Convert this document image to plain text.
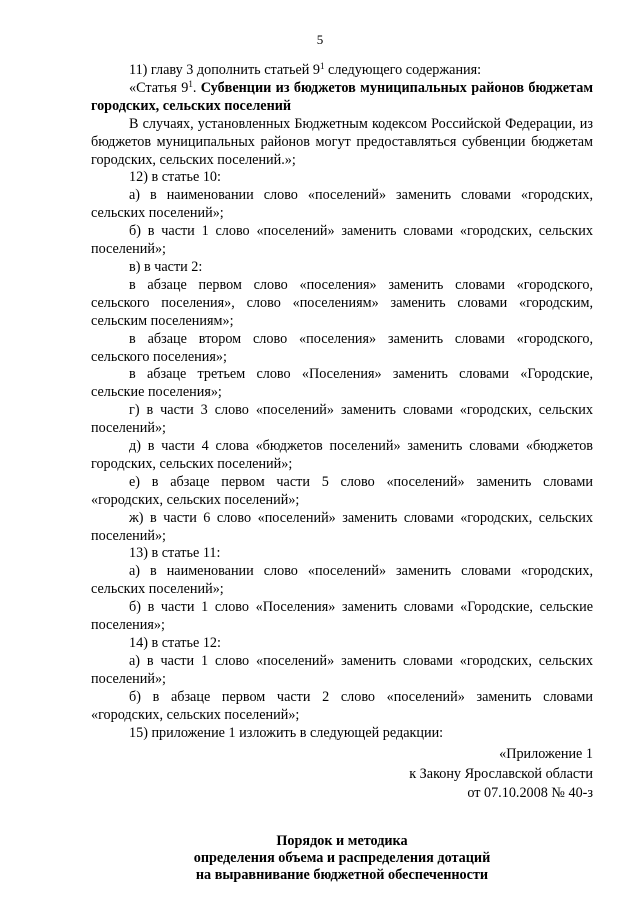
5

11) главу 3 дополнить статьей $9^1$ следующего содержания:

«Статья $9^1$. Субвенции из бюджетов муниципальных районов бюджетам городских, сельских поселений

В случаях, установленных Бюджетным кодексом Российской Федерации, из бюджетов муниципальных районов могут предоставляться субвенции бюджетам городских, сельских поселений.»;

12) в статье 10:

а) в наименовании слово «поселений» заменить словами «городских, сельских поселений»;

б) в части 1 слово «поселений» заменить словами «городских, сельских поселений»;

в) в части 2:

в абзаце первом слово «поселения» заменить словами «городского, сельского поселения», слово «поселениям» заменить словами «городским, сельским поселениям»;

в абзаце втором слово «поселения» заменить словами «городского, сельского поселения»;

в абзаце третьем слово «Поселения» заменить словами «Городские, сельские поселения»;

г) в части 3 слово «поселений» заменить словами «городских, сельских поселений»;

д) в части 4 слова «бюджетов поселений» заменить словами «бюджетов городских, сельских поселений»;

е) в абзаце первом части 5 слово «поселений» заменить словами «городских, сельских поселений»;

ж) в части 6 слово «поселений» заменить словами «городских, сельских поселений»;

13) в статье 11:

а) в наименовании слово «поселений» заменить словами «городских, сельских поселений»;

б) в части 1 слово «Поселения» заменить словами «Городские, сельские поселения»;

14) в статье 12:

а) в части 1 слово «поселений» заменить словами «городских, сельских поселений»;

б) в абзаце первом части 2 слово «поселений» заменить словами «городских, сельских поселений»;

15) приложение 1 изложить в следующей редакции:

«Приложение 1
к Закону Ярославской области
от 07.10.2008 № 40-з
Порядок и методика
определения объема и распределения дотаций
на выравнивание бюджетной обеспеченности
